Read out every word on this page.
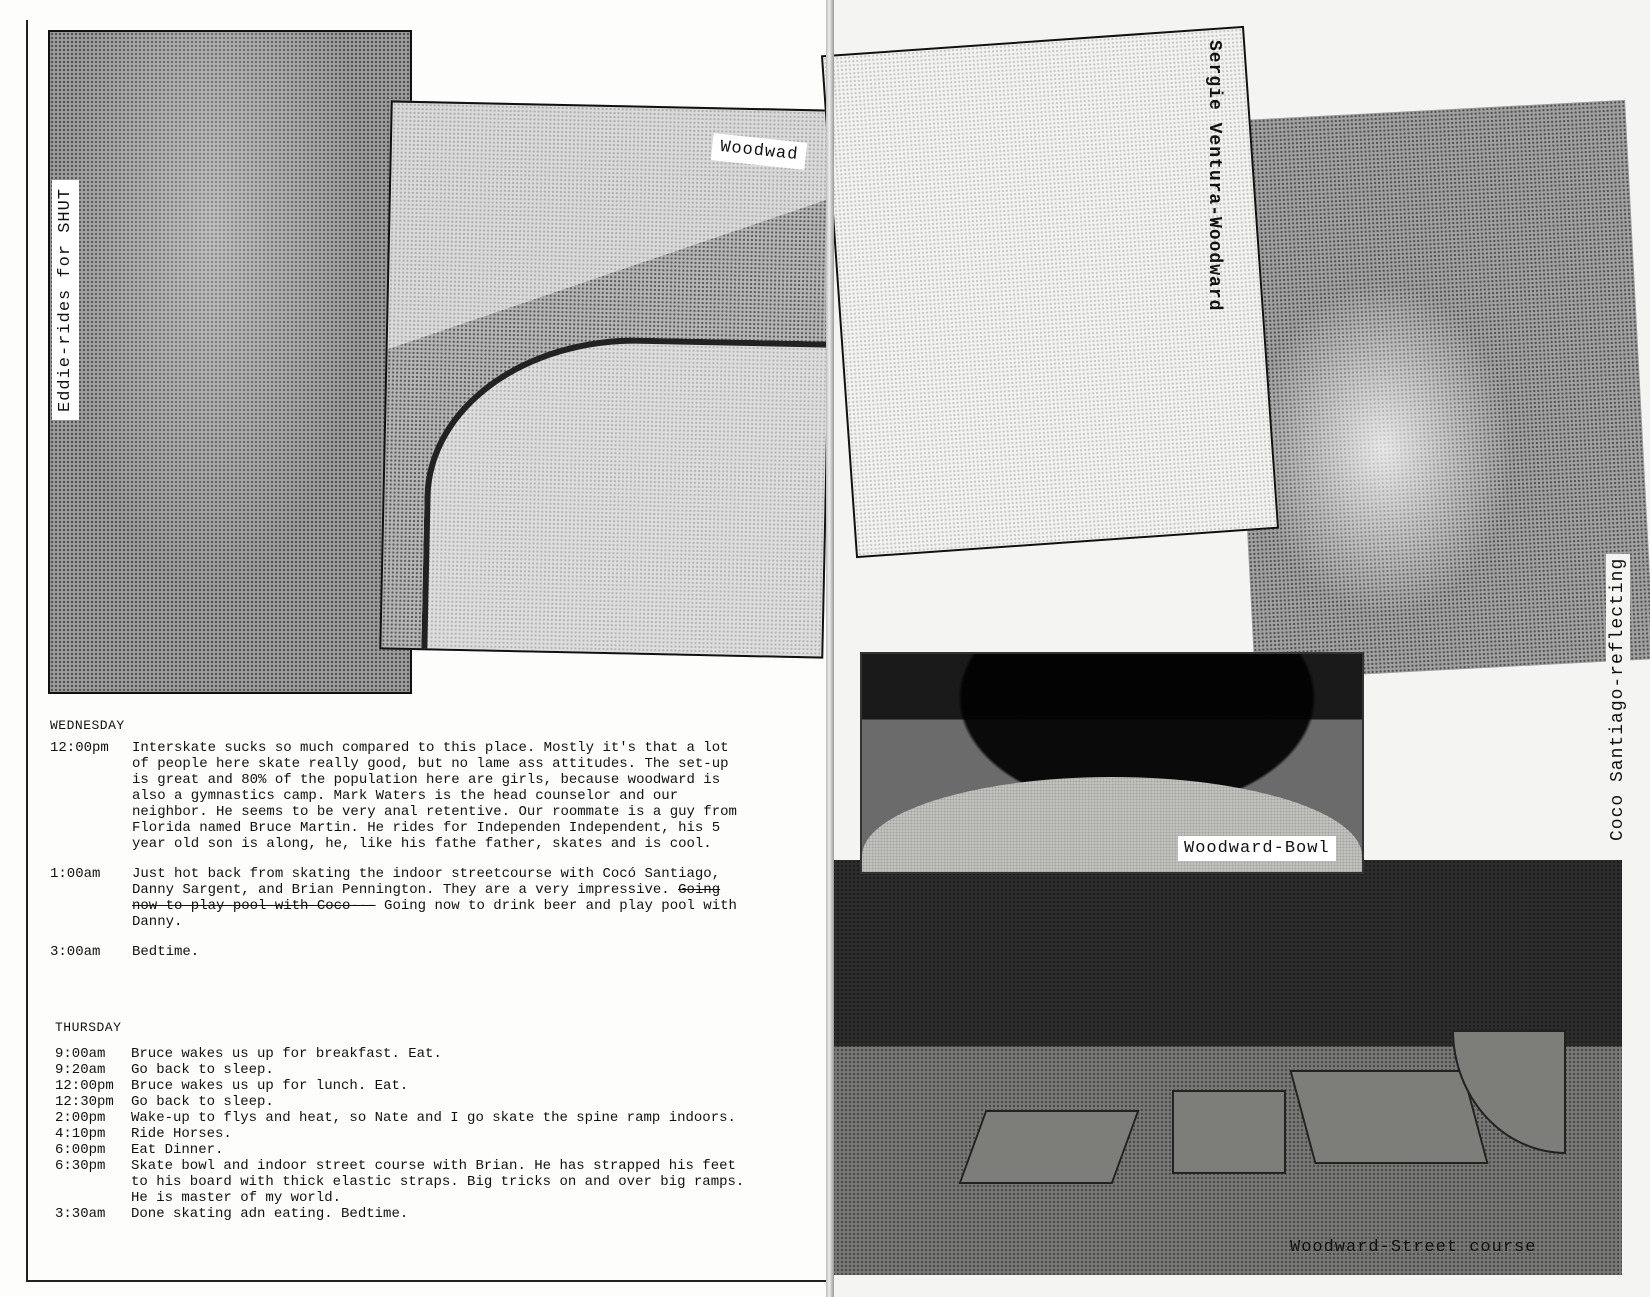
Eddie-rides for SHUT
Woodwad
WEDNESDAY
12:00pm	Interskate sucks so much compared to this place. Mostly it's that a lot of people here skate really good, but no lame ass attitudes. The set-up is great and 80% of the population here are girls, because woodward is also a gymnastics camp. Mark Waters is the head counselor and our neighbor. He seems to be very anal retentive. Our roommate is a guy from Florida named Bruce Martin. He rides for Independen Independent, his 5 year old son is along, he, like his fathe father, skates and is cool.
1:00am	Just hot back from skating the indoor streetcourse with Cocó Santiago, Danny Sargent, and Brian Pennington. They are a very impressive. Going now to play pool with Coco--- Going now to drink beer and play pool with Danny.
3:00am	Bedtime.
THURSDAY
9:00am	Bruce wakes us up for breakfast. Eat.
9:20am	Go back to sleep.
12:00pm	Bruce wakes us up for lunch. Eat.
12:30pm	Go back to sleep.
2:00pm	Wake-up to flys and heat, so Nate and I go skate the spine ramp indoors.
4:10pm	Ride Horses.
6:00pm	Eat Dinner.
6:30pm	Skate bowl and indoor street course with Brian. He has strapped his feet to his board with thick elastic straps. Big tricks on and over big ramps. He is master of my world.
3:30am	Done skating adn eating. Bedtime.
Sergie Ventura-Woodward
Coco Santiago-reflecting
Woodward-Bowl
Woodward-Street course
